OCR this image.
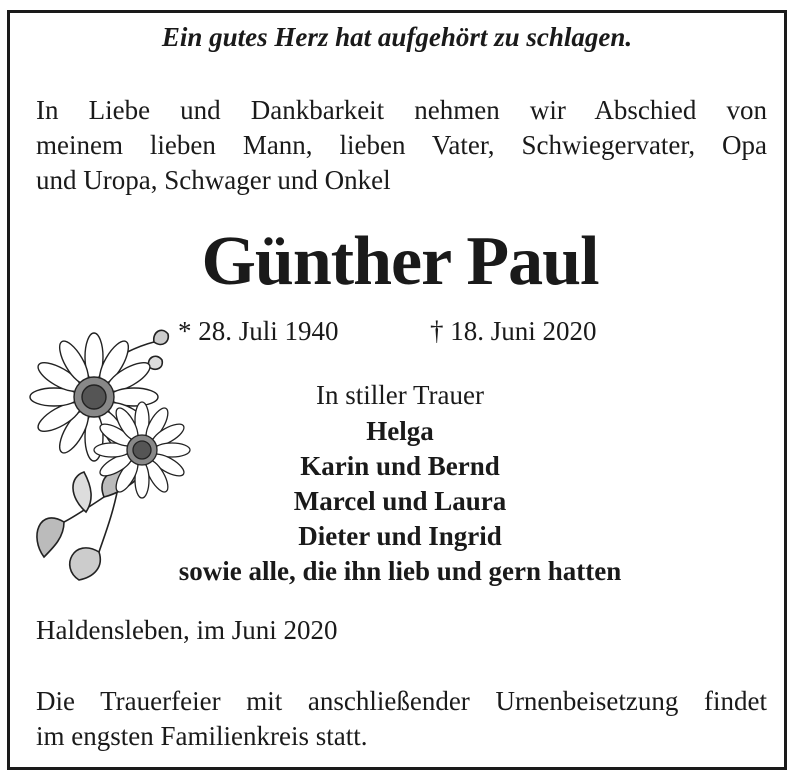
Ein gutes Herz hat aufgehört zu schlagen.
In Liebe und Dankbarkeit nehmen wir Abschied von
meinem lieben Mann, lieben Vater, Schwiegervater, Opa
und Uropa, Schwager und Onkel
Günther Paul
* 28. Juli 1940	† 18. Juni 2020
In stiller Trauer
Helga
Karin und Bernd
Marcel und Laura
Dieter und Ingrid
sowie alle, die ihn lieb und gern hatten
Haldensleben, im Juni 2020
Die Trauerfeier mit anschließender Urnenbeisetzung findet
im engsten Familienkreis statt.
